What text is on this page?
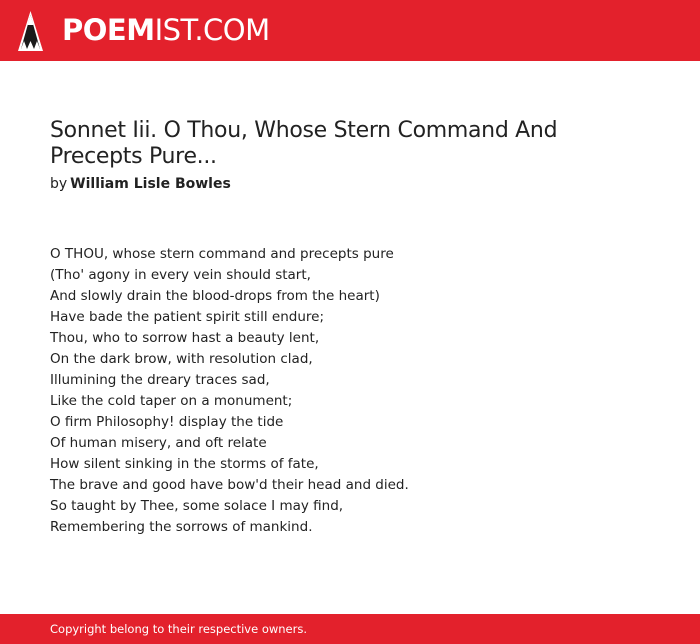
POEMIST.COM
Sonnet Iii. O Thou, Whose Stern Command And Precepts Pure...
by William Lisle Bowles
O THOU, whose stern command and precepts pure
(Tho' agony in every vein should start,
And slowly drain the blood-drops from the heart)
Have bade the patient spirit still endure;
Thou, who to sorrow hast a beauty lent,
On the dark brow, with resolution clad,
Illumining the dreary traces sad,
Like the cold taper on a monument;
O firm Philosophy! display the tide
Of human misery, and oft relate
How silent sinking in the storms of fate,
The brave and good have bow'd their head and died.
So taught by Thee, some solace I may find,
Remembering the sorrows of mankind.
Copyright belong to their respective owners.
